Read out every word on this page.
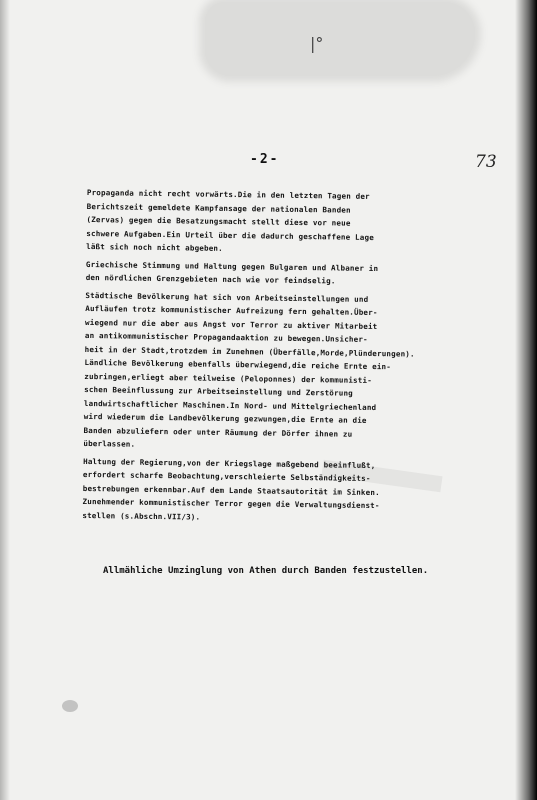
|°
-2-	73

Propaganda nicht recht vorwärts.Die in den letzten Tagen der
Berichtszeit gemeldete Kampfansage der nationalen Banden
(Zervas) gegen die Besatzungsmacht stellt diese vor neue
schwere Aufgaben.Ein Urteil über die dadurch geschaffene Lage
läßt sich noch nicht abgeben.

Griechische Stimmung und Haltung gegen Bulgaren und Albaner in
den nördlichen Grenzgebieten nach wie vor feindselig.

Städtische Bevölkerung hat sich von Arbeitseinstellungen und
Aufläufen trotz kommunistischer Aufreizung fern gehalten.Über-
wiegend nur die aber aus Angst vor Terror zu aktiver Mitarbeit
an antikommunistischer Propagandaaktion zu bewegen.Unsicher-
heit in der Stadt,trotzdem im Zunehmen (Überfälle,Morde,Plünderungen).
Ländliche Bevölkerung ebenfalls überwiegend,die reiche Ernte ein-
zubringen,erliegt aber teilweise (Peloponnes) der kommunisti-
schen Beeinflussung zur Arbeitseinstellung und Zerstörung
landwirtschaftlicher Maschinen.In Nord- und Mittelgriechenland
wird wiederum die Landbevölkerung gezwungen,die Ernte an die
Banden abzuliefern oder unter Räumung der Dörfer ihnen zu
überlassen.

Haltung der Regierung,von der Kriegslage maßgebend beeinflußt,
erfordert scharfe Beobachtung,verschleierte Selbständigkeits-
bestrebungen erkennbar.Auf dem Lande Staatsautorität im Sinken.
Zunehmender kommunistischer Terror gegen die Verwaltungsdienst-
stellen (s.Abschn.VII/3).

Allmähliche Umzinglung von Athen durch Banden festzustellen.
